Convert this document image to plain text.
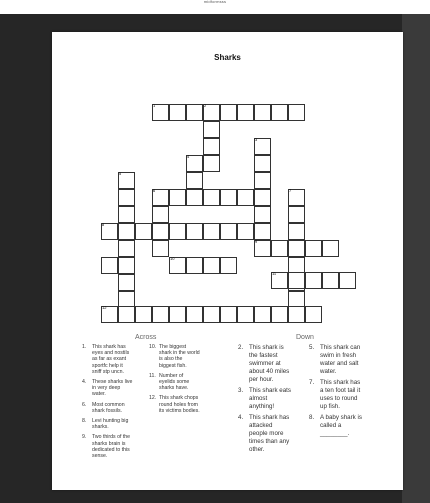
midformsss
Sharks
1	2
3
4
5
6	7
8
9
10
11
12
Across	Down
1.	This shark has
eyes and nostils
as far as exant
sportfc help it
sniff stp uncn.
4.	These sharks live
in very deep
water.
6.	Most common
shark fossils.
8.	Levi hunting big
sharks.
9.	Two thirds of the
sharks brain is
dedicated to this
sense.
10. The biggest
shark in the world
is also the
biggest fish.
11. Number of
eyelids some
sharks have.
12. This shark chops
round holes from
its victims bodies.
2. This shark is
the fastest
swimmer at
about 40 miles
per hour.
3. This shark eats
almost
anything!
4. This shark has
attacked
people more
times than any
other.
5. This shark can
swim in fresh
water and salt
water.
7. This shark has
a ten foot tail it
uses to round
up fish.
8. A baby shark is
called a
________.
